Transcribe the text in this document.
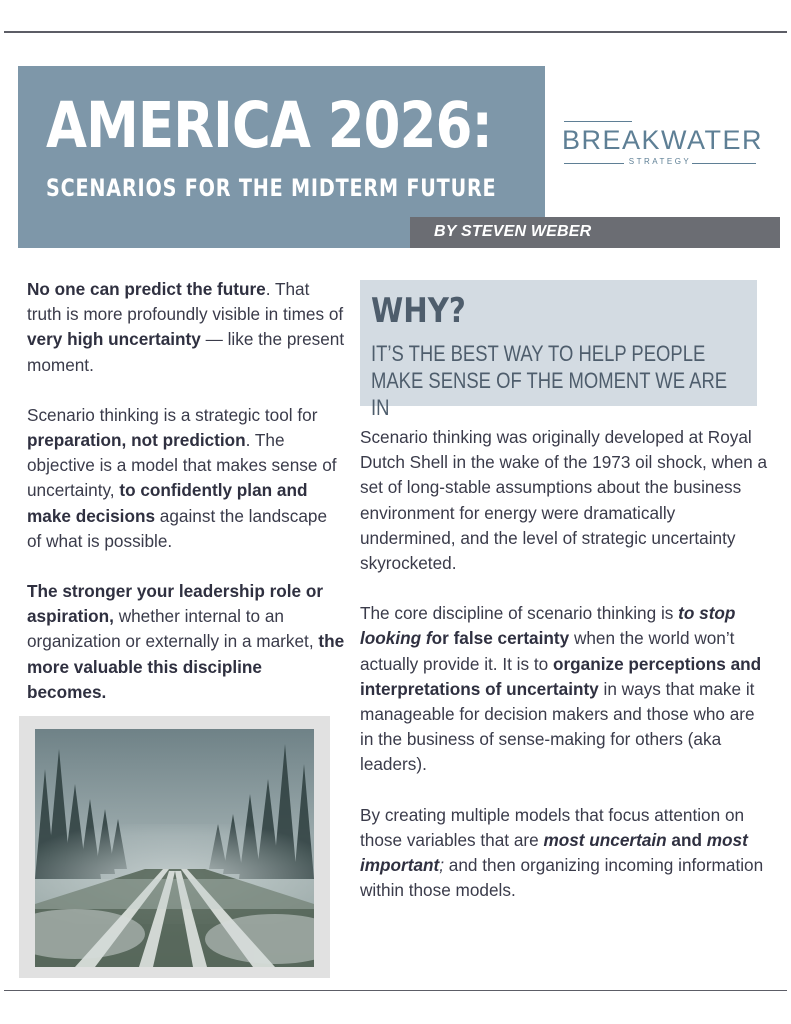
AMERICA 2026:
SCENARIOS FOR THE MIDTERM FUTURE
BY STEVEN WEBER
BREAKWATER
STRATEGY

No one can predict the future. That truth is more profoundly visible in times of very high uncertainty — like the present moment.

Scenario thinking is a strategic tool for preparation, not prediction. The objective is a model that makes sense of uncertainty, to confidently plan and make decisions against the landscape of what is possible.

The stronger your leadership role or aspiration, whether internal to an organization or externally in a market, the more valuable this discipline becomes.

WHY?

IT’S THE BEST WAY TO HELP PEOPLE MAKE SENSE OF THE MOMENT WE ARE IN

Scenario thinking was originally developed at Royal Dutch Shell in the wake of the 1973 oil shock, when a set of long-stable assumptions about the business environment for energy were dramatically undermined, and the level of strategic uncertainty skyrocketed.

The core discipline of scenario thinking is to stop looking for false certainty when the world won’t actually provide it. It is to organize perceptions and interpretations of uncertainty in ways that make it manageable for decision makers and those who are in the business of sense-making for others (aka leaders).

By creating multiple models that focus attention on those variables that are most uncertain and most important; and then organizing incoming information within those models.
